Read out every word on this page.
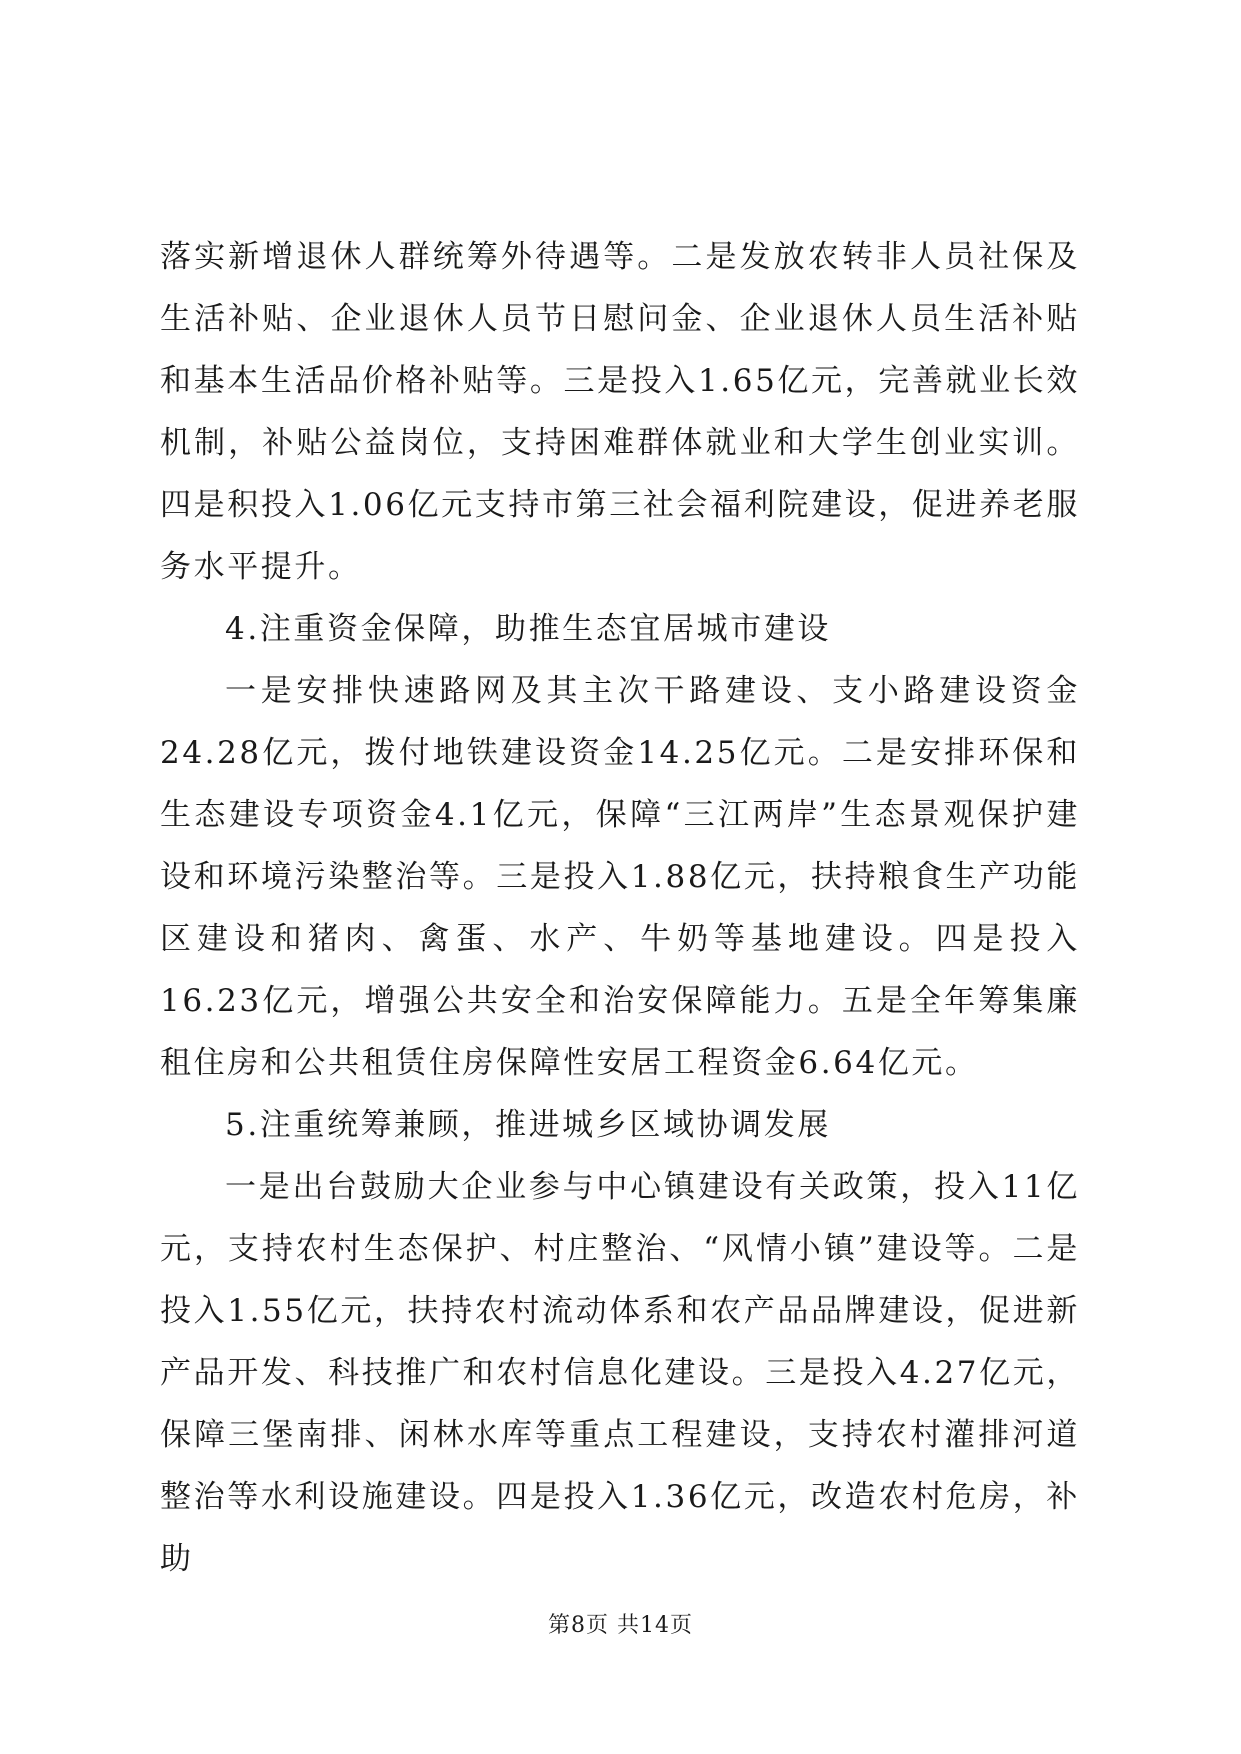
落实新增退休人群统筹外待遇等。二是发放农转非人员社保及生活补贴、企业退休人员节日慰问金、企业退休人员生活补贴和基本生活品价格补贴等。三是投入1.65亿元，完善就业长效机制，补贴公益岗位，支持困难群体就业和大学生创业实训。四是积投入1.06亿元支持市第三社会福利院建设，促进养老服务水平提升。

4.注重资金保障，助推生态宜居城市建设

一是安排快速路网及其主次干路建设、支小路建设资金24.28亿元，拨付地铁建设资金14.25亿元。二是安排环保和生态建设专项资金4.1亿元，保障“三江两岸”生态景观保护建设和环境污染整治等。三是投入1.88亿元，扶持粮食生产功能区建设和猪肉、禽蛋、水产、牛奶等基地建设。四是投入16.23亿元，增强公共安全和治安保障能力。五是全年筹集廉租住房和公共租赁住房保障性安居工程资金6.64亿元。

5.注重统筹兼顾，推进城乡区域协调发展

一是出台鼓励大企业参与中心镇建设有关政策，投入11亿元，支持农村生态保护、村庄整治、“风情小镇”建设等。二是投入1.55亿元，扶持农村流动体系和农产品品牌建设，促进新产品开发、科技推广和农村信息化建设。三是投入4.27亿元，保障三堡南排、闲林水库等重点工程建设，支持农村灌排河道整治等水利设施建设。四是投入1.36亿元，改造农村危房，补助

第8页 共14页
